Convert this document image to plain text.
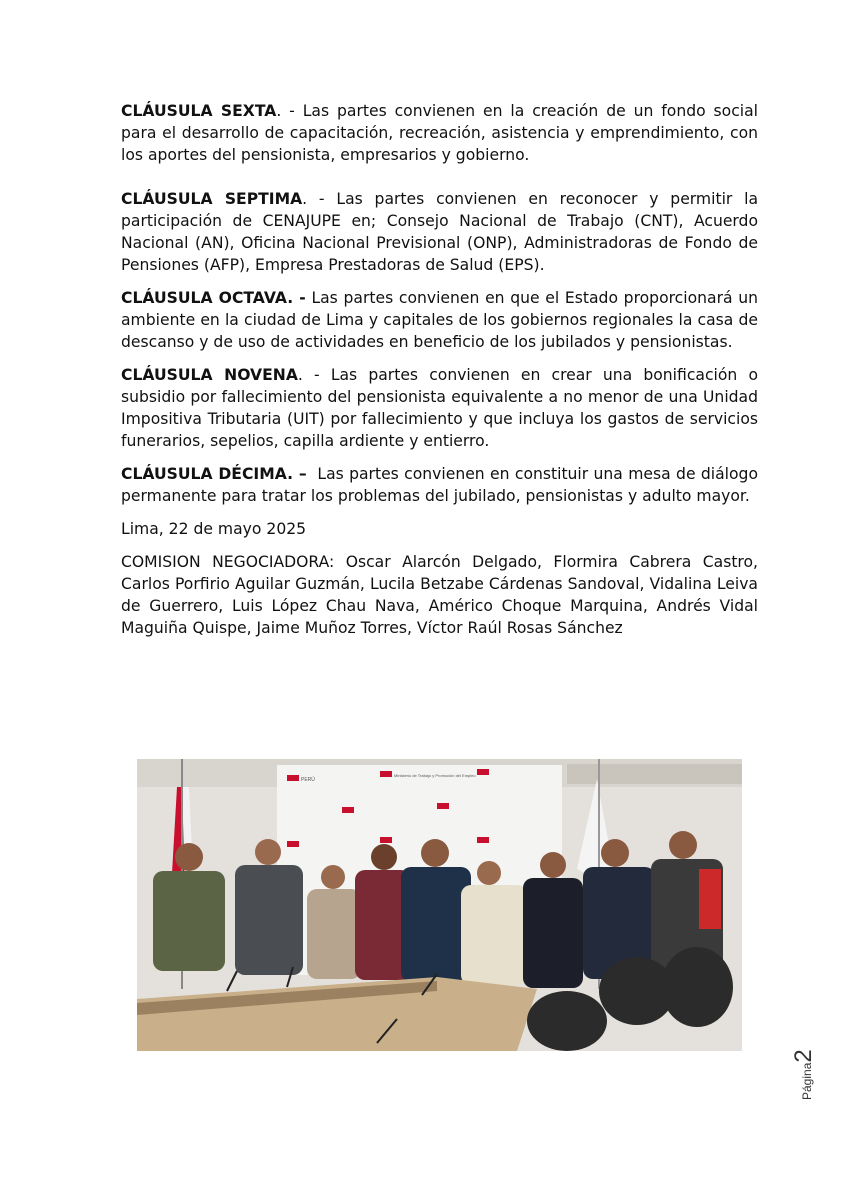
CLÁUSULA SEXTA. - Las partes convienen en la creación de un fondo social para el desarrollo de capacitación, recreación, asistencia y emprendimiento, con los aportes del pensionista, empresarios y gobierno.

CLÁUSULA SEPTIMA. - Las partes convienen en reconocer y permitir la participación de CENAJUPE en; Consejo Nacional de Trabajo (CNT), Acuerdo Nacional (AN), Oficina Nacional Previsional (ONP), Administradoras de Fondo de Pensiones (AFP), Empresa Prestadoras de Salud (EPS).

CLÁUSULA OCTAVA. - Las partes convienen en que el Estado proporcionará un ambiente en la ciudad de Lima y capitales de los gobiernos regionales la casa de descanso y de uso de actividades en beneficio de los jubilados y pensionistas.

CLÁUSULA NOVENA. - Las partes convienen en crear una bonificación o subsidio por fallecimiento del pensionista equivalente a no menor de una Unidad Impositiva Tributaria (UIT) por fallecimiento y que incluya los gastos de servicios funerarios, sepelios, capilla ardiente y entierro.

CLÁUSULA DÉCIMA. – Las partes convienen en constituir una mesa de diálogo permanente para tratar los problemas del jubilado, pensionistas y adulto mayor.

Lima, 22 de mayo 2025

COMISION NEGOCIADORA: Oscar Alarcón Delgado, Flormira Cabrera Castro, Carlos Porfirio Aguilar Guzmán, Lucila Betzabe Cárdenas Sandoval, Vidalina Leiva de Guerrero, Luis López Chau Nava, Américo Choque Marquina, Andrés Vidal Maguiña Quispe, Jaime Muñoz Torres, Víctor Raúl Rosas Sánchez

PERÚ
Ministerio de Trabajo y Promoción del Empleo
Página2
